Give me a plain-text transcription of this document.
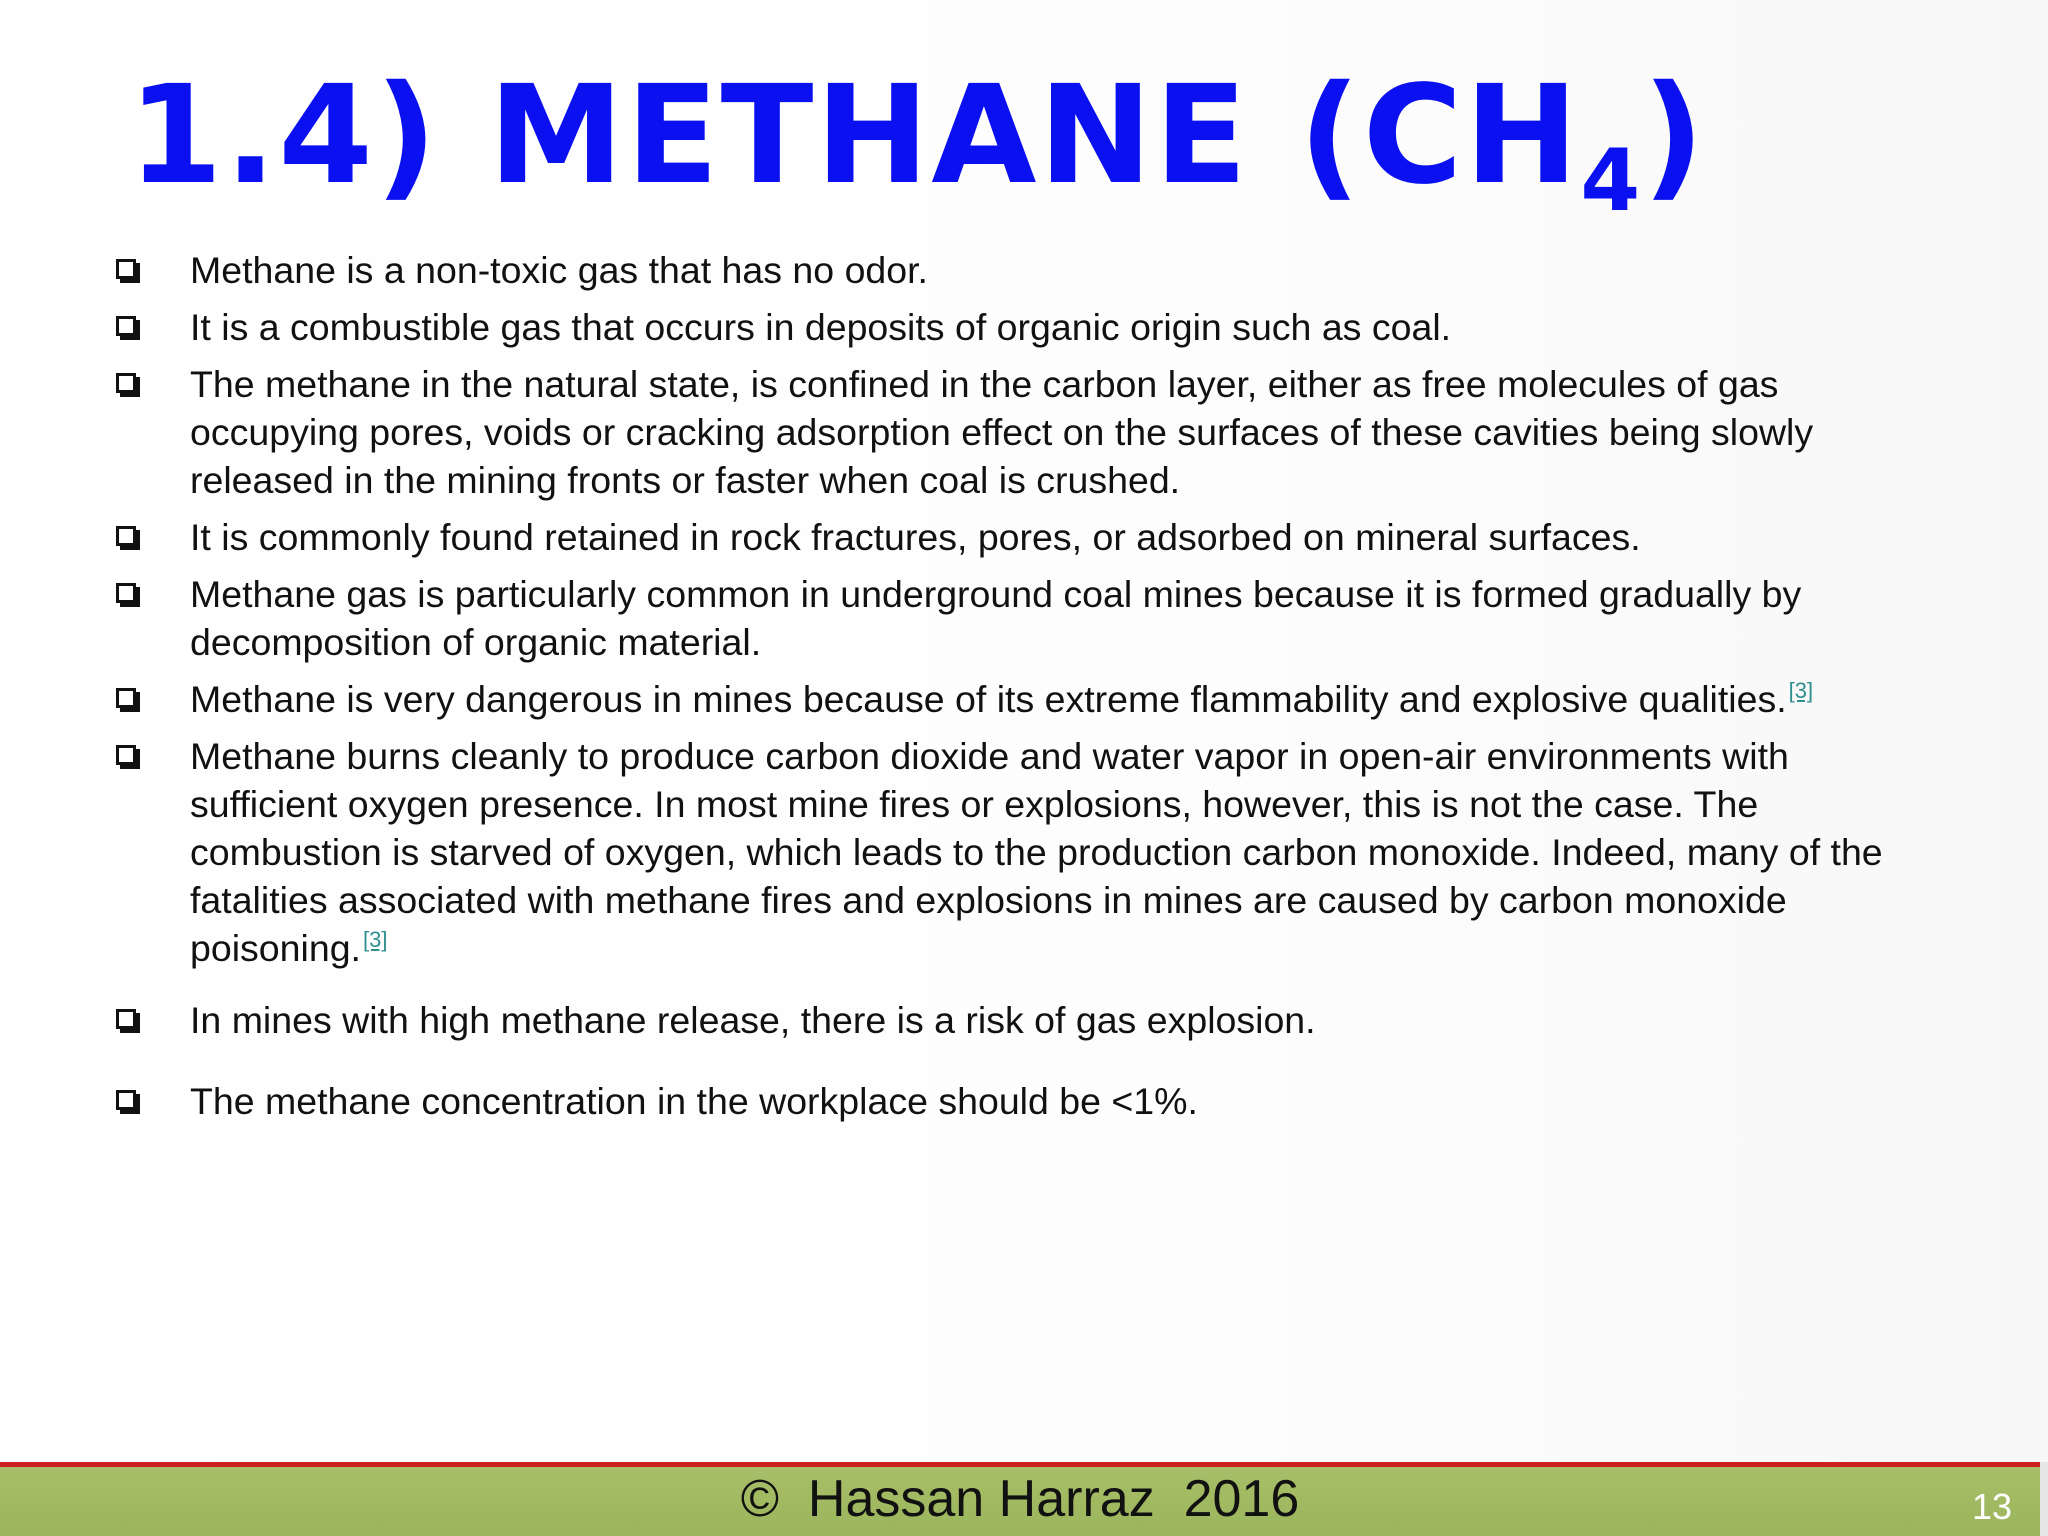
1.4) METHANE $(CH_4)$
Methane is a non-toxic gas that has no odor.
It is a combustible gas that occurs in deposits of organic origin such as coal.
The methane in the natural state, is confined in the carbon layer, either as free molecules of gas occupying pores, voids or cracking adsorption effect on the surfaces of these cavities being slowly released in the mining fronts or faster when coal is crushed.
It is commonly found retained in rock fractures, pores, or adsorbed on mineral surfaces.
Methane gas is particularly common in underground coal mines because it is formed gradually by decomposition of organic material.
Methane is very dangerous in mines because of its extreme flammability and explosive qualities.[3]
Methane burns cleanly to produce carbon dioxide and water vapor in open-air environments with sufficient oxygen presence. In most mine fires or explosions, however, this is not the case. The combustion is starved of oxygen, which leads to the production carbon monoxide. Indeed, many of the fatalities associated with methane fires and explosions in mines are caused by carbon monoxide poisoning.[3]
In mines with high methane release, there is a risk of gas explosion.
The methane concentration in the workplace should be <1%.
©  Hassan Harraz  2016	13
